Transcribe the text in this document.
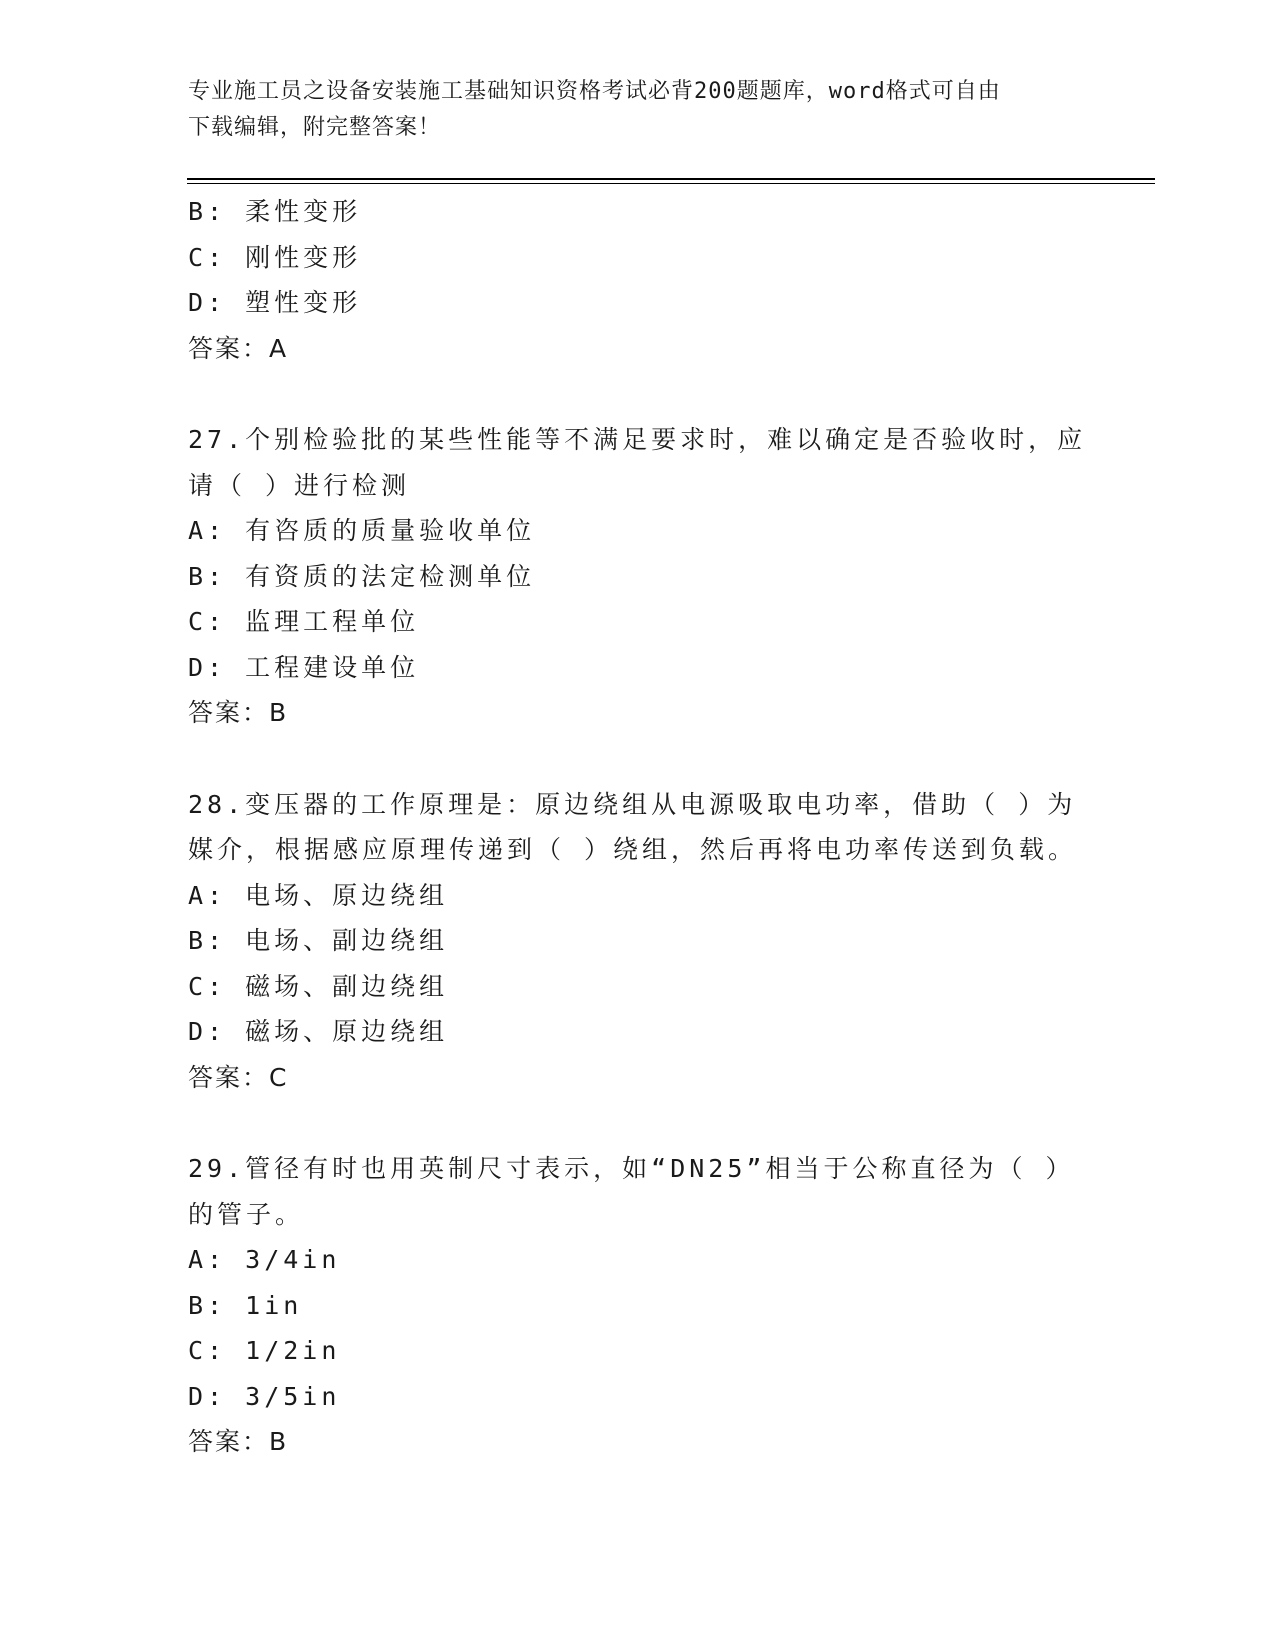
专业施工员之设备安装施工基础知识资格考试必背200题题库，word格式可自由
下载编辑，附完整答案！
B: 柔性变形
C: 刚性变形
D: 塑性变形
答案：A
27.个别检验批的某些性能等不满足要求时，难以确定是否验收时，应
请（ ）进行检测
A: 有咨质的质量验收单位
B: 有资质的法定检测单位
C: 监理工程单位
D: 工程建设单位
答案：B
28.变压器的工作原理是：原边绕组从电源吸取电功率，借助（ ）为
媒介，根据感应原理传递到（ ）绕组，然后再将电功率传送到负载。
A: 电场、原边绕组
B: 电场、副边绕组
C: 磁场、副边绕组
D: 磁场、原边绕组
答案：C
29.管径有时也用英制尺寸表示，如“DN25”相当于公称直径为（ ）
的管子。
A: 3/4in
B: 1in
C: 1/2in
D: 3/5in
答案：B
